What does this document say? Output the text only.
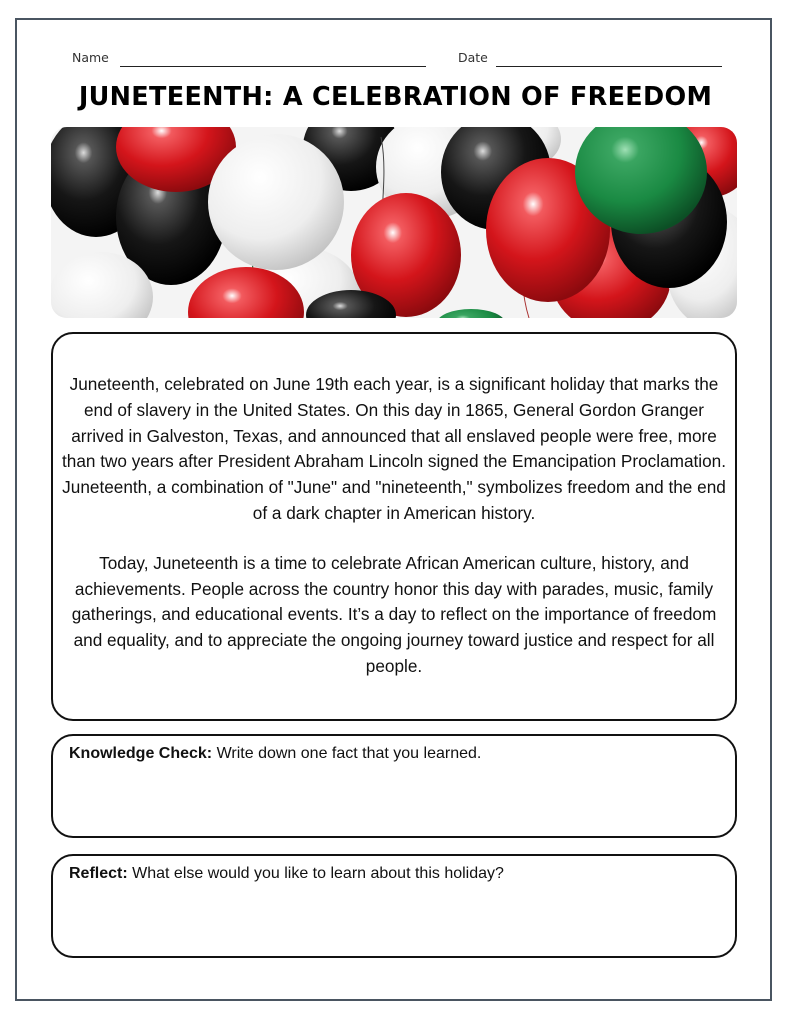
Name	Date
JUNETEENTH: A CELEBRATION OF FREEDOM

Juneteenth, celebrated on June 19th each year, is a significant holiday that marks the end of slavery in the United States. On this day in 1865, General Gordon Granger arrived in Galveston, Texas, and announced that all enslaved people were free, more than two years after President Abraham Lincoln signed the Emancipation Proclamation. Juneteenth, a combination of "June" and "nineteenth," symbolizes freedom and the end of a dark chapter in American history.

Today, Juneteenth is a time to celebrate African American culture, history, and achievements. People across the country honor this day with parades, music, family gatherings, and educational events. It’s a day to reflect on the importance of freedom and equality, and to appreciate the ongoing journey toward justice and respect for all people.

Knowledge Check: Write down one fact that you learned.
Reflect: What else would you like to learn about this holiday?
